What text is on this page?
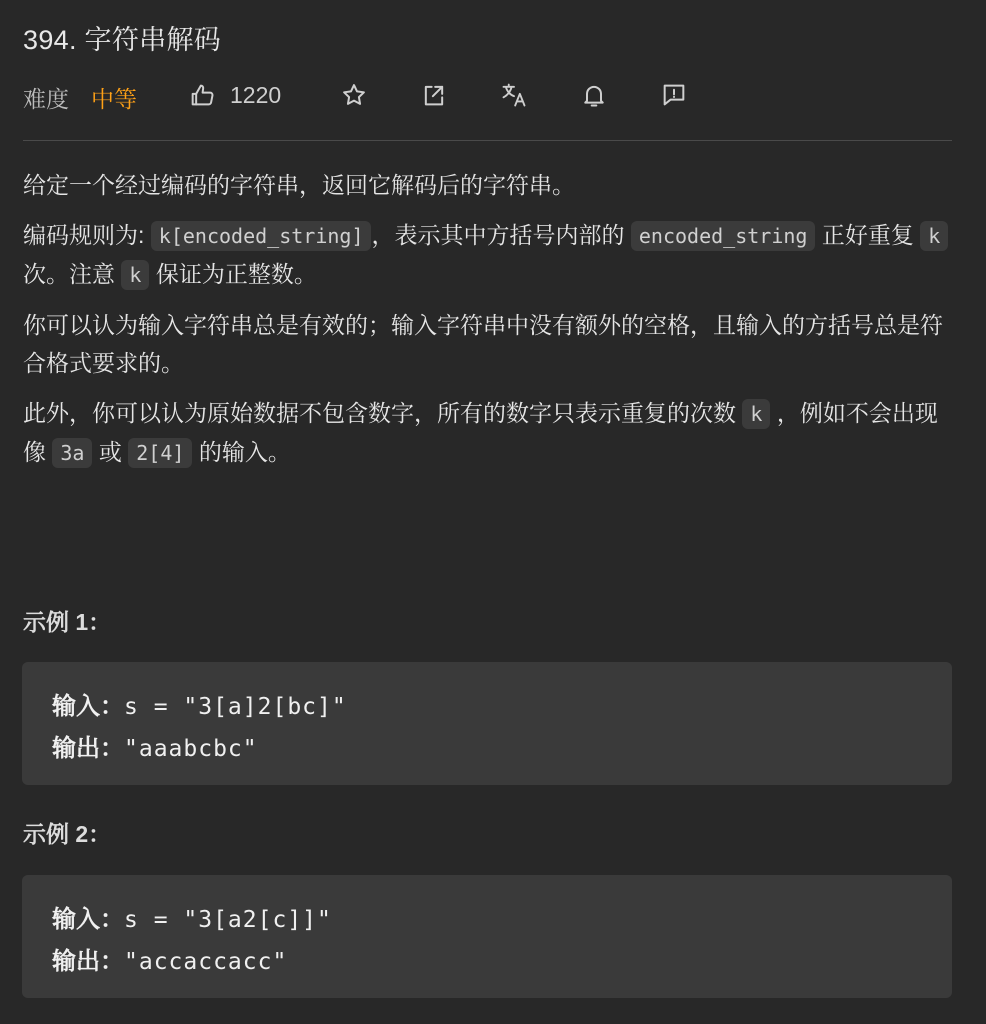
394. 字符串解码
难度 中等	1220

给定一个经过编码的字符串，返回它解码后的字符串。

编码规则为: k[encoded_string] ，表示其中方括号内部的 encoded_string 正好重复 k 次。注意 k 保证为正整数。

你可以认为输入字符串总是有效的；输入字符串中没有额外的空格，且输入的方括号总是符合格式要求的。

此外，你可以认为原始数据不包含数字，所有的数字只表示重复的次数 k ，例如不会出现像 3a 或 2[4] 的输入。

示例 1：
输入：s = "3[a]2[bc]"
输出："aaabcbc"
示例 2：
输入：s = "3[a2[c]]"
输出："accaccacc"
